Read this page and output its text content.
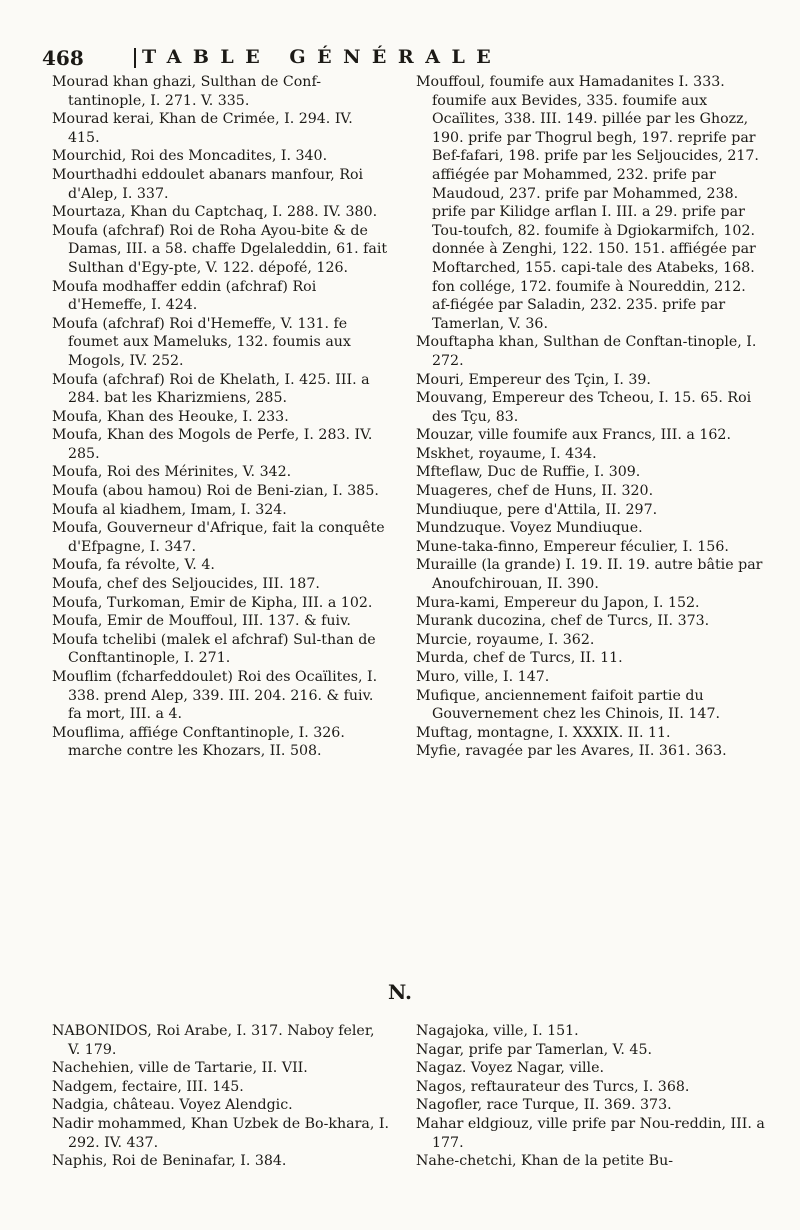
468	TABLE GÉNÉRALE

Mourad khan ghazi, Sulthan de Conf-tantinople, I. 271. V. 335.

Mourad kerai, Khan de Crimée, I. 294. IV. 415.

Mourchid, Roi des Moncadites, I. 340.

Mourthadhi eddoulet abanars manfour, Roi d'Alep, I. 337.

Mourtaza, Khan du Captchaq, I. 288. IV. 380.

Moufa (afchraf) Roi de Roha Ayou-bite & de Damas, III. a 58. chaffe Dgelaleddin, 61. fait Sulthan d'Egy-pte, V. 122. dépofé, 126.

Moufa modhaffer eddin (afchraf) Roi d'Hemeffe, I. 424.

Moufa (afchraf) Roi d'Hemeffe, V. 131. fe foumet aux Mameluks, 132. foumis aux Mogols, IV. 252.

Moufa (afchraf) Roi de Khelath, I. 425. III. a 284. bat les Kharizmiens, 285.

Moufa, Khan des Heouke, I. 233.

Moufa, Khan des Mogols de Perfe, I. 283. IV. 285.

Moufa, Roi des Mérinites, V. 342.

Moufa (abou hamou) Roi de Beni-zian, I. 385.

Moufa al kiadhem, Imam, I. 324.

Moufa, Gouverneur d'Afrique, fait la conquête d'Efpagne, I. 347.

Moufa, fa révolte, V. 4.

Moufa, chef des Seljoucides, III. 187.

Moufa, Turkoman, Emir de Kipha, III. a 102.

Moufa, Emir de Mouffoul, III. 137. & fuiv.

Moufa tchelibi (malek el afchraf) Sul-than de Conftantinople, I. 271.

Mouflim (fcharfeddoulet) Roi des Ocaïlites, I. 338. prend Alep, 339. III. 204. 216. & fuiv. fa mort, III. a 4.

Mouflima, affiége Conftantinople, I. 326. marche contre les Khozars, II. 508.

Mouffoul, foumife aux Hamadanites I. 333. foumife aux Bevides, 335. foumife aux Ocaïlites, 338. III. 149. pillée par les Ghozz, 190. prife par Thogrul begh, 197. reprife par Bef-fafari, 198. prife par les Seljoucides, 217. affiégée par Mohammed, 232. prife par Maudoud, 237. prife par Mohammed, 238. prife par Kilidge arflan I. III. a 29. prife par Tou-toufch, 82. foumife à Dgiokarmifch, 102. donnée à Zenghi, 122. 150. 151. affiégée par Moftarched, 155. capi-tale des Atabeks, 168. fon collége, 172. foumife à Noureddin, 212. af-fiégée par Saladin, 232. 235. prife par Tamerlan, V. 36.

Mouftapha khan, Sulthan de Conftan-tinople, I. 272.

Mouri, Empereur des Tçin, I. 39.

Mouvang, Empereur des Tcheou, I. 15. 65. Roi des Tçu, 83.

Mouzar, ville foumife aux Francs, III. a 162.

Mskhet, royaume, I. 434.

Mfteflaw, Duc de Ruffie, I. 309.

Muageres, chef de Huns, II. 320.

Mundiuque, pere d'Attila, II. 297.

Mundzuque. Voyez Mundiuque.

Mune-taka-finno, Empereur féculier, I. 156.

Muraille (la grande) I. 19. II. 19. autre bâtie par Anoufchirouan, II. 390.

Mura-kami, Empereur du Japon, I. 152.

Murank ducozina, chef de Turcs, II. 373.

Murcie, royaume, I. 362.

Murda, chef de Turcs, II. 11.

Muro, ville, I. 147.

Mufique, anciennement faifoit partie du Gouvernement chez les Chinois, II. 147.

Muftag, montagne, I. XXXIX. II. 11.

Myfie, ravagée par les Avares, II. 361. 363.

N.

NABONIDOS, Roi Arabe, I. 317. Naboy feler, V. 179.

Nachehien, ville de Tartarie, II. VII.

Nadgem, fectaire, III. 145.

Nadgia, château. Voyez Alendgic.

Nadir mohammed, Khan Uzbek de Bo-khara, I. 292. IV. 437.

Naphis, Roi de Beninafar, I. 384.

Nagajoka, ville, I. 151.

Nagar, prife par Tamerlan, V. 45.

Nagaz. Voyez Nagar, ville.

Nagos, reftaurateur des Turcs, I. 368.

Nagofler, race Turque, II. 369. 373.

Mahar eldgiouz, ville prife par Nou-reddin, III. a 177.

Nahe-chetchi, Khan de la petite Bu-
